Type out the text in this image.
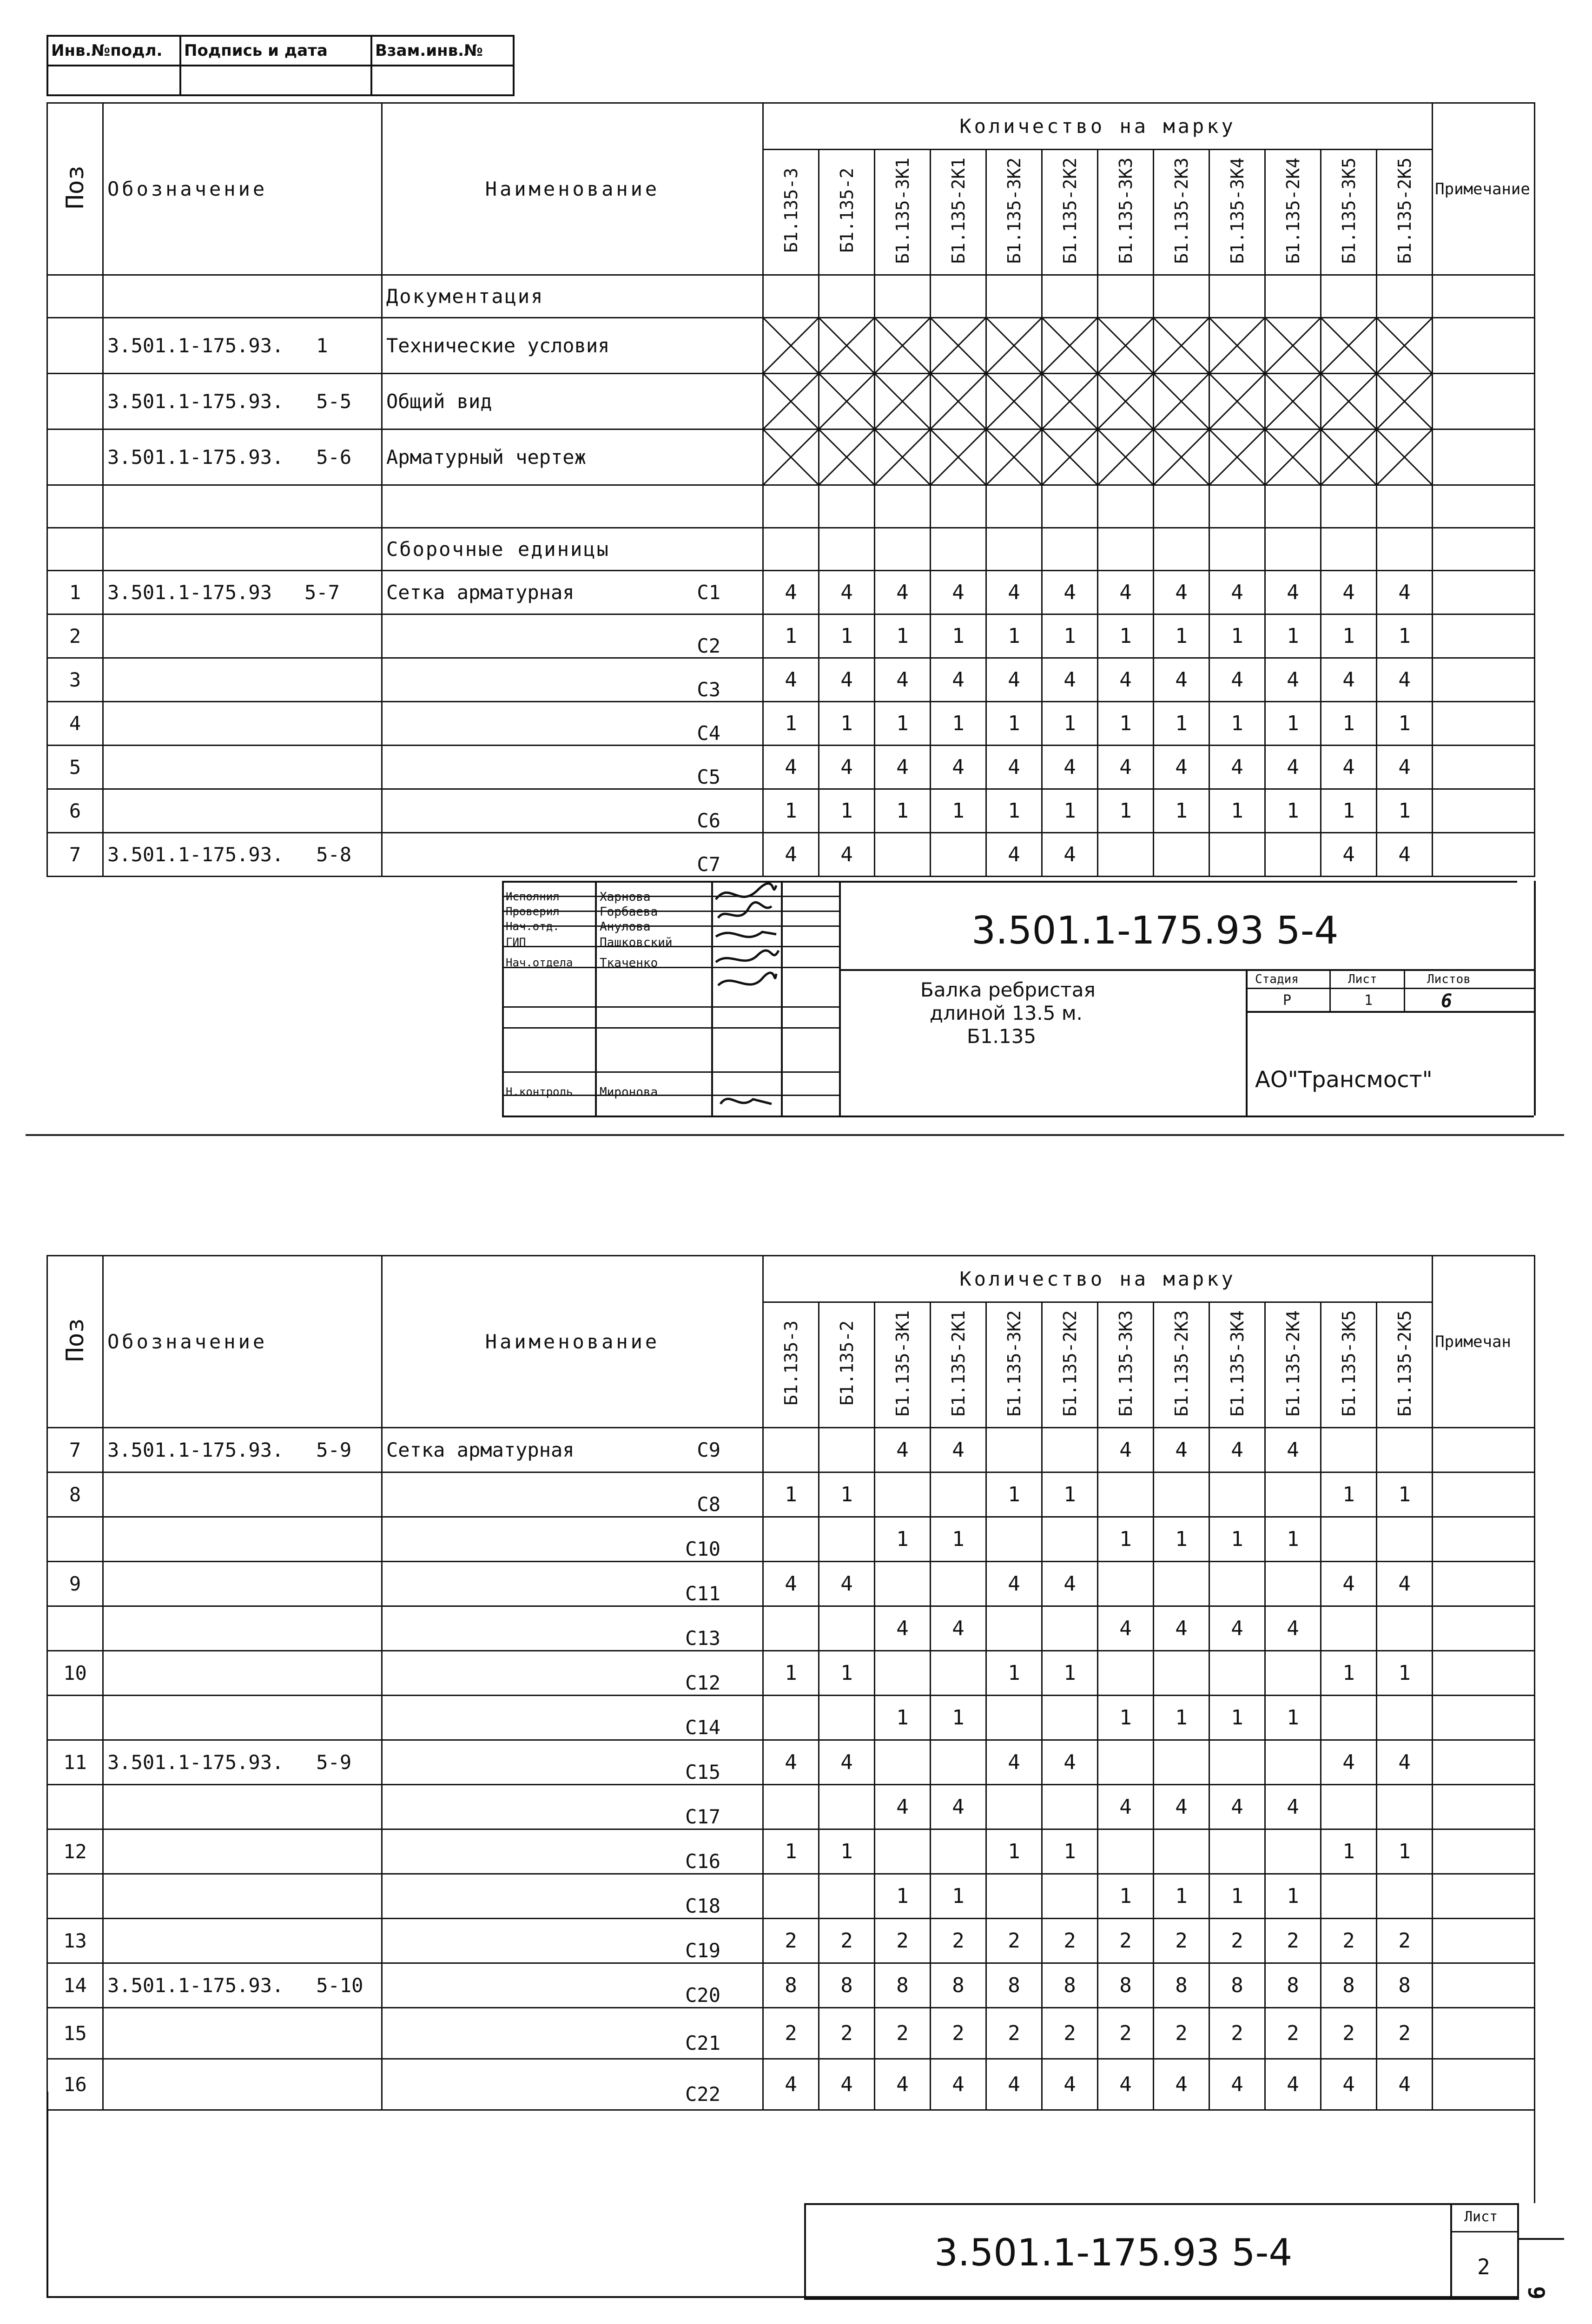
Инв.№подл.	Подпись и дата	Взам.инв.№

Поз	Обозначение	Наименование	Количество на марку												Примечание
			Б1.135-3	Б1.135-2	Б1.135-3К1	Б1.135-2К1	Б1.135-3К2	Б1.135-2К2	Б1.135-3К3	Б1.135-2К3	Б1.135-3К4	Б1.135-2К4	Б1.135-3К5	Б1.135-2К5	
		Документация													
	3.501.1-175.93. 1	Технические условия	

	3.501.1-175.93. 5-5	Общий вид	

	3.501.1-175.93. 5-6	Арматурный чертеж	

		Сборочные единицы													
1	3.501.1-175.93 5-7	Сетка арматурная С1	4	4	4	4	4	4	4	4	4	4	4	4	
2		С2	1	1	1	1	1	1	1	1	1	1	1	1	
3		С3	4	4	4	4	4	4	4	4	4	4	4	4	
4		С4	1	1	1	1	1	1	1	1	1	1	1	1	
5		С5	4	4	4	4	4	4	4	4	4	4	4	4	
6		С6	1	1	1	1	1	1	1	1	1	1	1	1	
7	3.501.1-175.93. 5-8	С7	4	4			4	4					4	4	
Исполнил	Харнова
Проверил	Горбаева
Нач.отд.	Анулова
ГИП	Пашковский
Нач.отдела Ткаченко
Н.контроль Миронова
3.501.1-175.93 5-4
Балка ребристая
длиной 13.5 м.
Б1.135
Стадия	Лист	Листов
Р	1	6
АО"Трансмост"
Поз	Обозначение	Наименование	Количество на марку												Примечан
			Б1.135-3	Б1.135-2	Б1.135-3К1	Б1.135-2К1	Б1.135-3К2	Б1.135-2К2	Б1.135-3К3	Б1.135-2К3	Б1.135-3К4	Б1.135-2К4	Б1.135-3К5	Б1.135-2К5	
7	3.501.1-175.93. 5-9	Сетка арматурная С9			4	4			4	4	4	4			
8		С8	1	1			1	1					1	1	

		С10			1	1			1	1	1	1			
9		С11	4	4			4	4					4	4	

		С13			4	4			4	4	4	4			
10		С12	1	1			1	1					1	1	

		С14			1	1			1	1	1	1			
11	3.501.1-175.93. 5-9	С15	4	4			4	4					4	4	

		С17			4	4			4	4	4	4			
12		С16	1	1			1	1					1	1	

		С18			1	1			1	1	1	1			
13		С19	2	2	2	2	2	2	2	2	2	2	2	2	
14	3.501.1-175.93. 5-10	С20	8	8	8	8	8	8	8	8	8	8	8	8	
15		С21	2	2	2	2	2	2	2	2	2	2	2	2	
16		С22	4	4	4	4	4	4	4	4	4	4	4	4	

3.501.1-175.93 5-4
Лист
2
9
